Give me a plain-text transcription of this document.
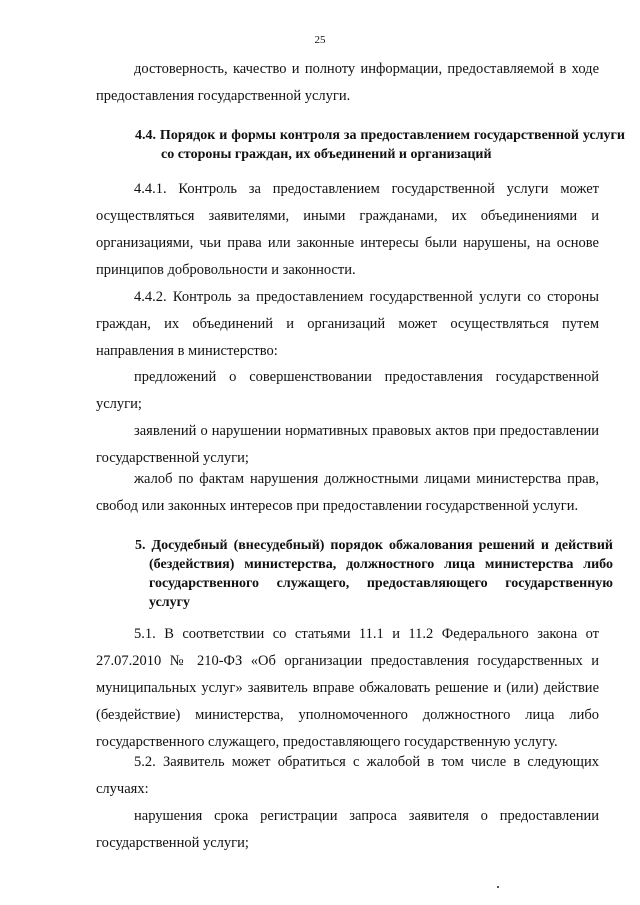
25
достоверность, качество и полноту информации, предоставляемой в ходе предоставления государственной услуги.
4.4. Порядок и формы контроля за предоставлением государственной услуги со стороны граждан, их объединений и организаций
4.4.1. Контроль за предоставлением государственной услуги может осуществляться заявителями, иными гражданами, их объединениями и организациями, чьи права или законные интересы были нарушены, на основе принципов добровольности и законности.
4.4.2. Контроль за предоставлением государственной услуги со стороны граждан, их объединений и организаций может осуществляться путем направления в министерство:
предложений о совершенствовании предоставления государственной услуги;
заявлений о нарушении нормативных правовых актов при предоставлении государственной услуги;
жалоб по фактам нарушения должностными лицами министерства прав, свобод или законных интересов при предоставлении государственной услуги.
5. Досудебный (внесудебный) порядок обжалования решений и действий (бездействия) министерства, должностного лица министерства либо государственного служащего, предоставляющего государственную услугу
5.1. В соответствии со статьями 11.1 и 11.2 Федерального закона от 27.07.2010 № 210-ФЗ «Об организации предоставления государственных и муниципальных услуг» заявитель вправе обжаловать решение и (или) действие (бездействие) министерства, уполномоченного должностного лица либо государственного служащего, предоставляющего государственную услугу.
5.2. Заявитель может обратиться с жалобой в том числе в следующих случаях:
нарушения срока регистрации запроса заявителя о предоставлении государственной услуги;
